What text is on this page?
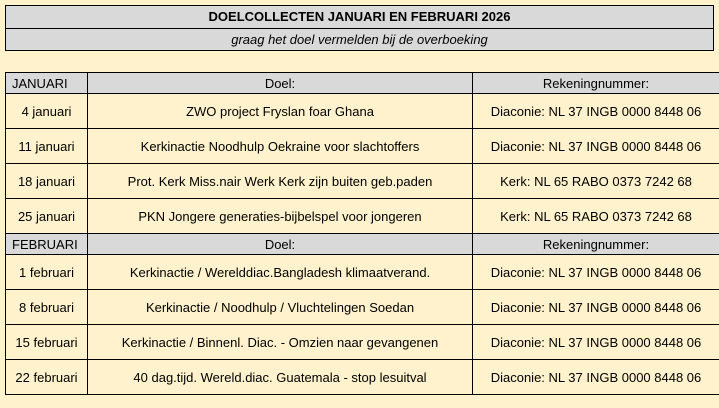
DOELCOLLECTEN JANUARI EN FEBRUARI 2026
graag het doel vermelden bij de overboeking
JANUARI	Doel:	Rekeningnummer:
4 januari	ZWO project Fryslan foar Ghana	Diaconie: NL 37 INGB 0000 8448 06
11 januari	Kerkinactie Noodhulp Oekraine voor slachtoffers	Diaconie: NL 37 INGB 0000 8448 06
18 januari	Prot. Kerk Miss.nair Werk Kerk zijn buiten geb.paden	Kerk: NL 65 RABO 0373 7242 68
25 januari	PKN Jongere generaties-bijbelspel voor jongeren	Kerk: NL 65 RABO 0373 7242 68
FEBRUARI	Doel:	Rekeningnummer:
1 februari	Kerkinactie / Werelddiac.Bangladesh klimaatverand.	Diaconie: NL 37 INGB 0000 8448 06
8 februari	Kerkinactie / Noodhulp / Vluchtelingen Soedan	Diaconie: NL 37 INGB 0000 8448 06
15 februari	Kerkinactie / Binnenl. Diac. - Omzien naar gevangenen	Diaconie: NL 37 INGB 0000 8448 06
22 februari	40 dag.tijd. Wereld.diac. Guatemala - stop lesuitval	Diaconie: NL 37 INGB 0000 8448 06
